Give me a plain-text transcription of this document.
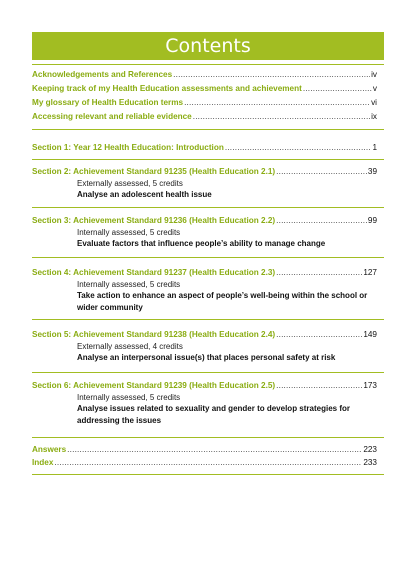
Contents
Acknowledgements and References .....	iv
Keeping track of my Health Education assessments and achievement .....	v
My glossary of Health Education terms .....	vi
Accessing relevant and reliable evidence .....	ix
Section 1: Year 12 Health Education: Introduction .....	1
Section 2: Achievement Standard 91235 (Health Education 2.1) .....	39
Externally assessed, 5 credits
Analyse an adolescent health issue
Section 3: Achievement Standard 91236 (Health Education 2.2) .....	99
Internally assessed, 5 credits
Evaluate factors that influence people’s ability to manage change
Section 4: Achievement Standard 91237 (Health Education 2.3) .....	127
Internally assessed, 5 credits
Take action to enhance an aspect of people’s well-being within the school or wider community
Section 5: Achievement Standard 91238 (Health Education 2.4) .....	149
Externally assessed, 4 credits
Analyse an interpersonal issue(s) that places personal safety at risk
Section 6: Achievement Standard 91239 (Health Education 2.5) .....	173
Internally assessed, 5 credits
Analyse issues related to sexuality and gender to develop strategies for addressing the issues
Answers .....	223
Index .....	233
